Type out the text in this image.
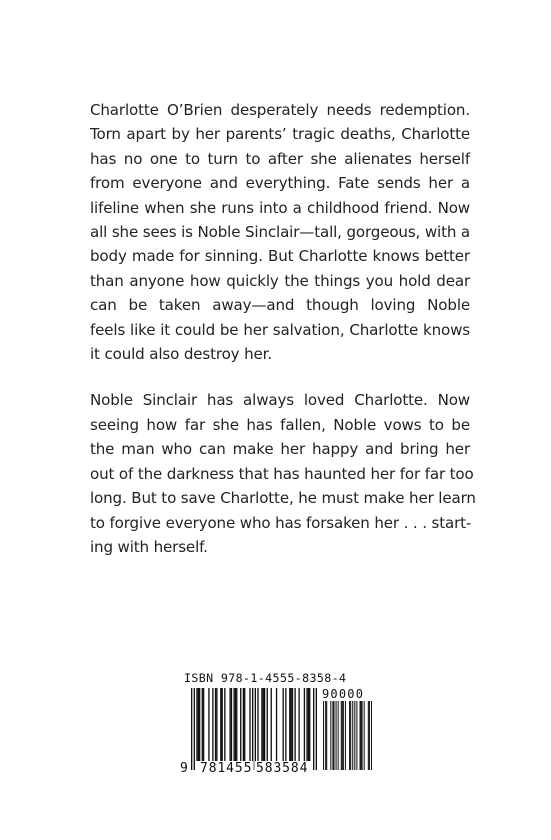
Charlotte O’Brien desperately needs redemption.
Torn apart by her parents’ tragic deaths, Charlotte
has no one to turn to after she alienates herself
from everyone and everything. Fate sends her a
lifeline when she runs into a childhood friend. Now
all she sees is Noble Sinclair—tall, gorgeous, with a
body made for sinning. But Charlotte knows better
than anyone how quickly the things you hold dear
can be taken away—and though loving Noble
feels like it could be her salvation, Charlotte knows
it could also destroy her.
Noble Sinclair has always loved Charlotte. Now
seeing how far she has fallen, Noble vows to be
the man who can make her happy and bring her
out of the darkness that has haunted her for far too
long. But to save Charlotte, he must make her learn
to forgive everyone who has forsaken her . . . start-
ing with herself.
ISBN 978-1-4555-8358-4
90000
9 781455 583584
